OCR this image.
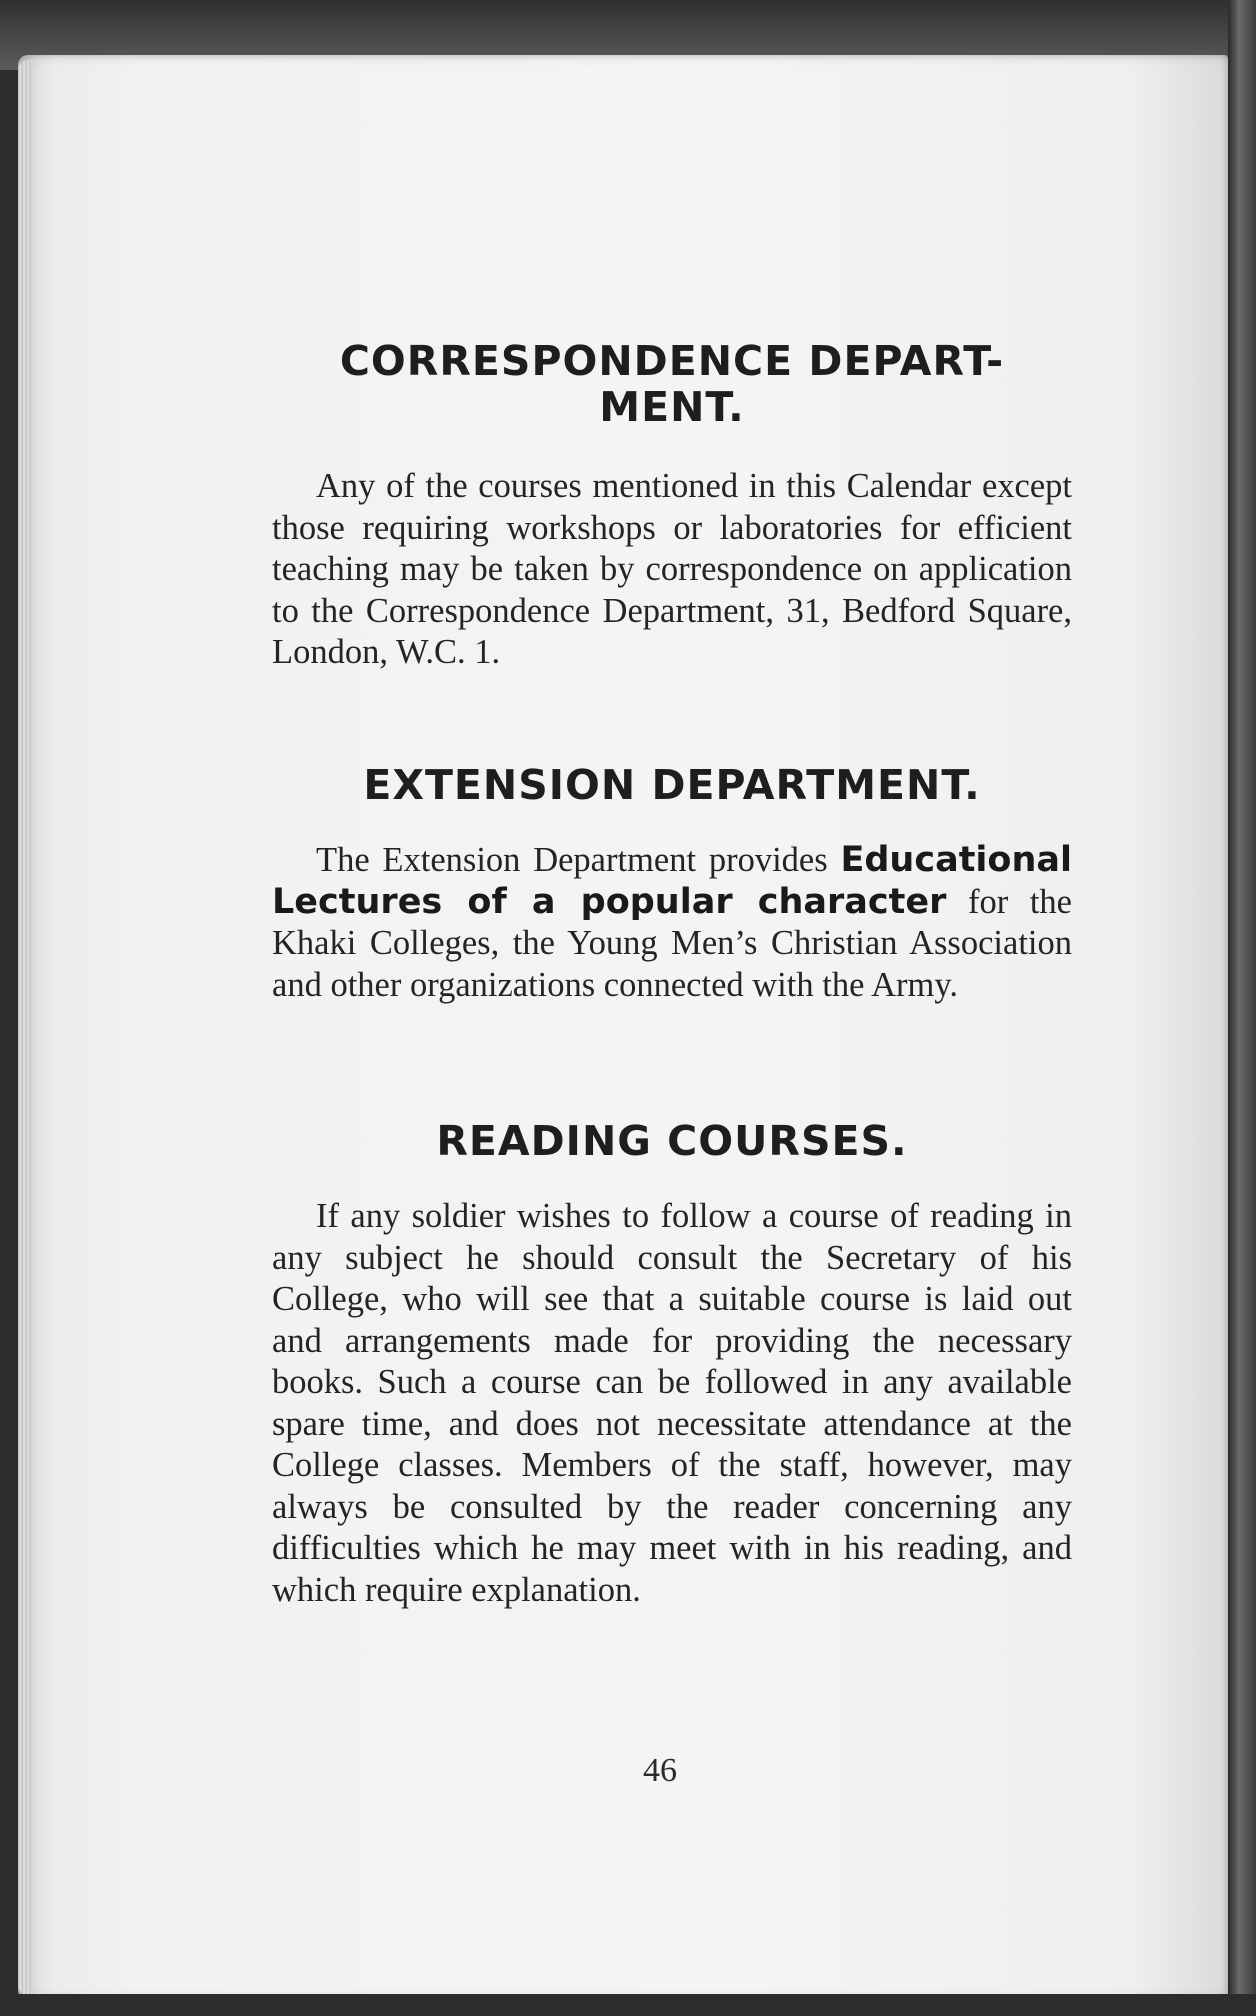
CORRESPONDENCE DEPART-
MENT.

Any of the courses mentioned in this Calendar except those requiring workshops or laboratories for efficient teaching may be taken by correspondence on application to the Correspondence Department, 31, Bedford Square, London, W.C. 1.

EXTENSION DEPARTMENT.

The Extension Department provides Educational Lectures of a popular character for the Khaki Colleges, the Young Men’s Christian Association and other organizations connected with the Army.

READING COURSES.

If any soldier wishes to follow a course of reading in any subject he should consult the Secretary of his College, who will see that a suitable course is laid out and arrangements made for providing the necessary books. Such a course can be followed in any available spare time, and does not necessitate attendance at the College classes. Members of the staff, however, may always be consulted by the reader concerning any difficulties which he may meet with in his reading, and which require explanation.

46
